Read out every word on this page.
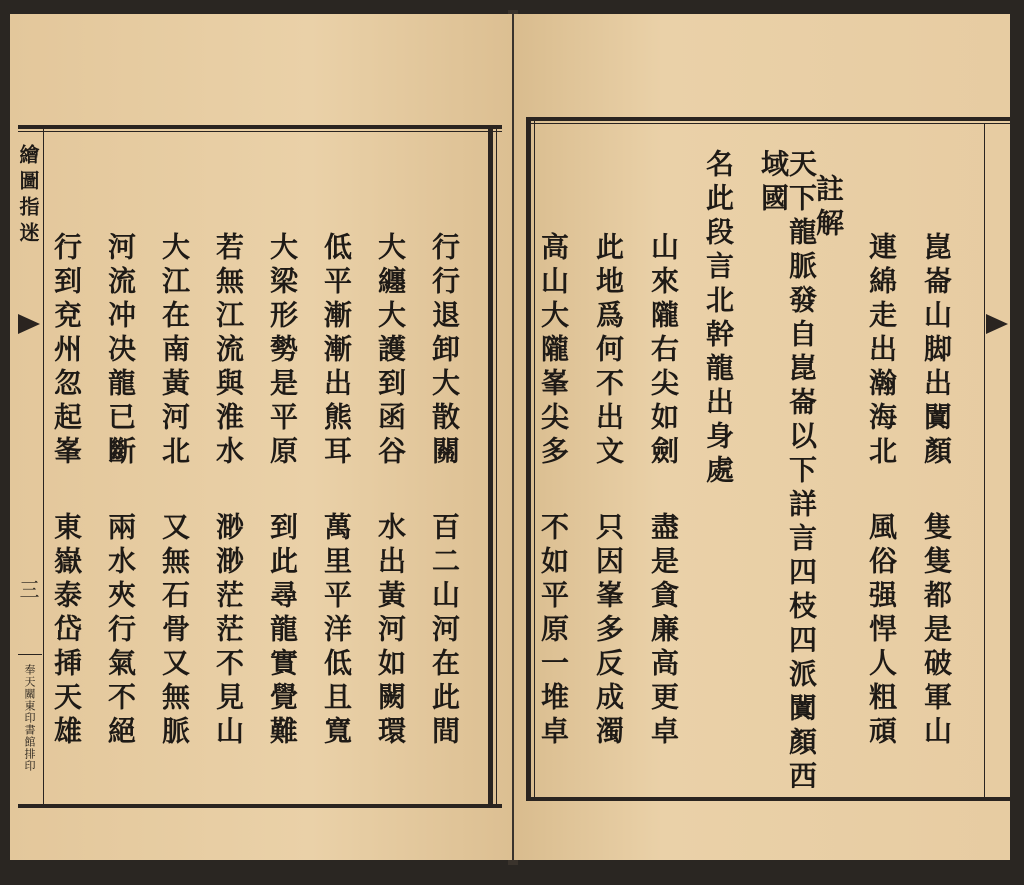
繪圖指迷
三
奉天關東印書館排印
行行退卸大散關
百二山河在此間
大纏大護到函谷
水出黃河如闕環
低平漸漸出熊耳
萬里平洋低且寬
大梁形勢是平原
到此尋龍實覺難
若無江流與淮水
渺渺茫茫不見山
大江在南黃河北
又無石骨又無脈
河流冲决龍已斷
兩水夾行氣不絕
行到兗州忽起峯
東嶽泰岱揷天雄
崑崙山脚出闐顏
隻隻都是破軍山
連綿走出瀚海北
風俗强悍人粗頑
註解
天下龍脈發自崑崙以下詳言四枝四派闐顏西域國
名此段言北幹龍出身處
山來隴右尖如劍
盡是貪廉高更卓
此地爲何不出文
只因峯多反成濁
高山大隴峯尖多
不如平原一堆卓
